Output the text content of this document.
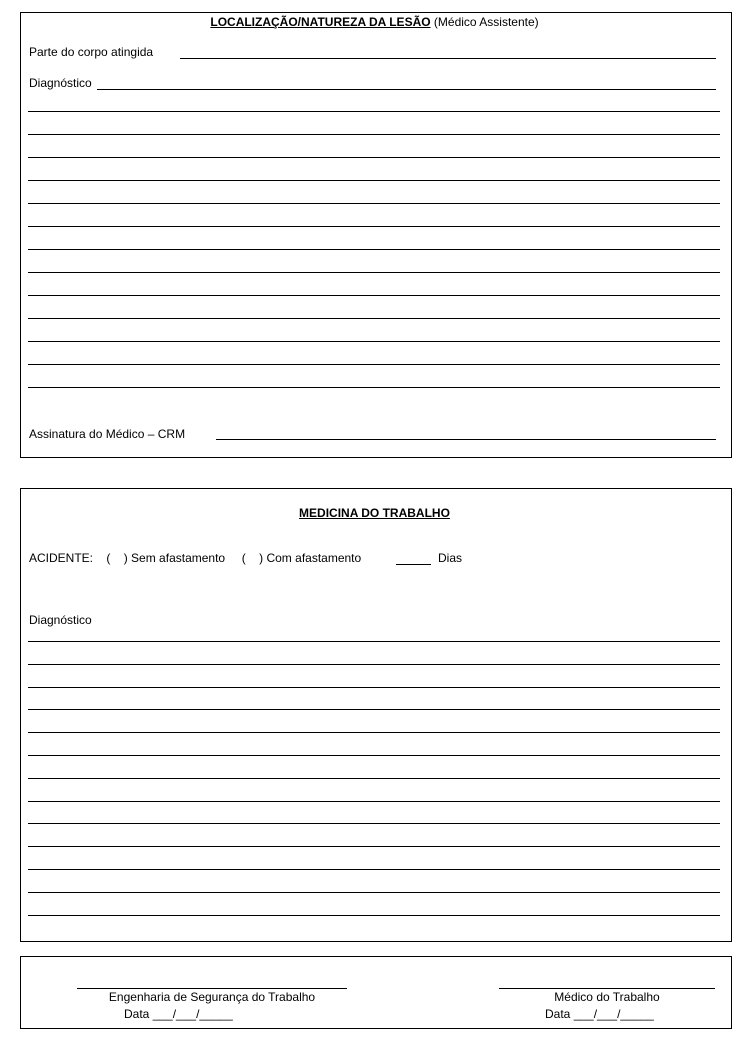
LOCALIZAÇÃO/NATUREZA DA LESÃO (Médico Assistente)
Parte do corpo atingida
Diagnóstico
Assinatura do Médico – CRM
MEDICINA DO TRABALHO
ACIDENTE: ( ) Sem afastamento ( ) Com afastamento	Dias
Diagnóstico
Engenharia de Segurança do Trabalho
Data ___/___/_____
Médico do Trabalho
Data ___/___/_____
